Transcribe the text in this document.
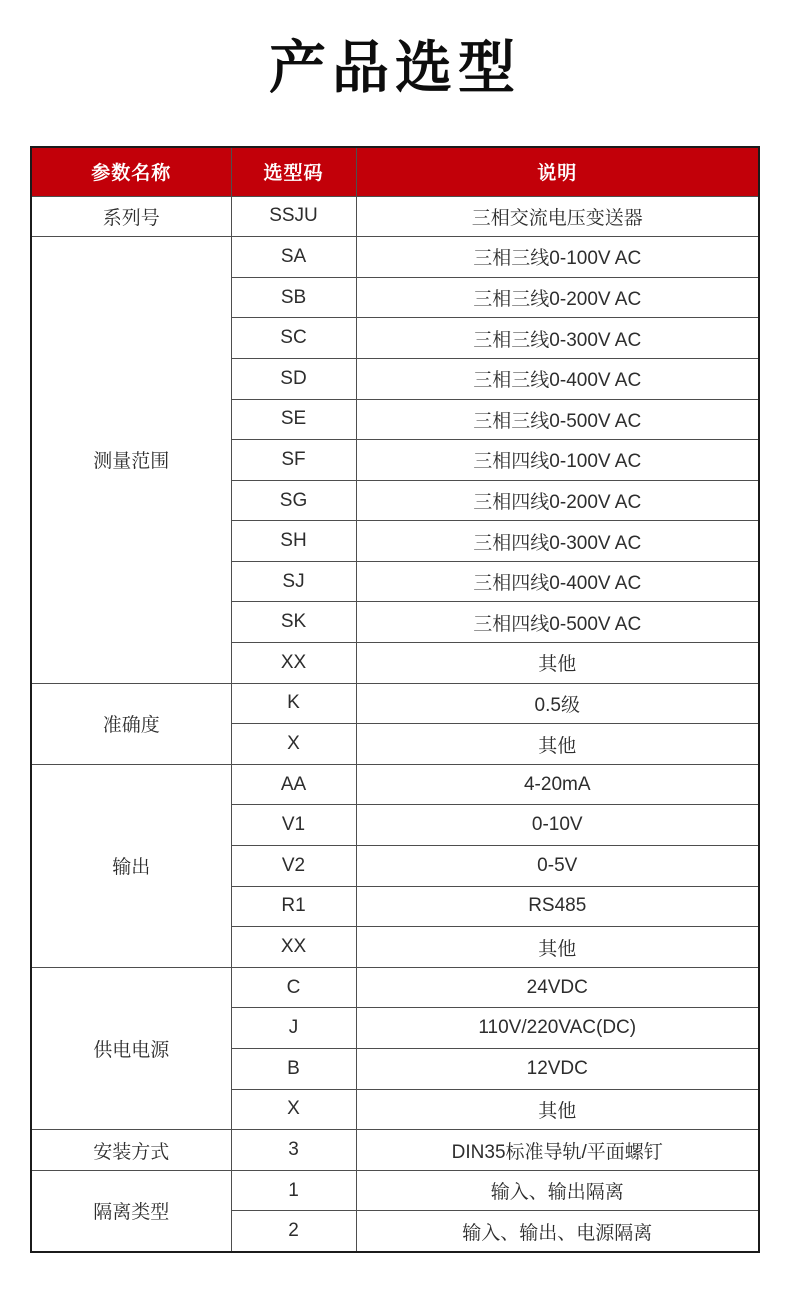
产品选型
参数名称	选型码	说明
系列号	SSJU	三相交流电压变送器
测量范围	SA	三相三线0-100V AC
	SB	三相三线0-200V AC
	SC	三相三线0-300V AC
	SD	三相三线0-400V AC
	SE	三相三线0-500V AC
	SF	三相四线0-100V AC
	SG	三相四线0-200V AC
	SH	三相四线0-300V AC
	SJ	三相四线0-400V AC
	SK	三相四线0-500V AC
	XX	其他
准确度	K	0.5级
	X	其他
输出	AA	4-20mA
	V1	0-10V
	V2	0-5V
	R1	RS485
	XX	其他
供电电源	C	24VDC
	J	110V/220VAC(DC)
	B	12VDC
	X	其他
安装方式	3	DIN35标准导轨/平面螺钉
隔离类型	1	输入、输出隔离
	2	输入、输出、电源隔离
